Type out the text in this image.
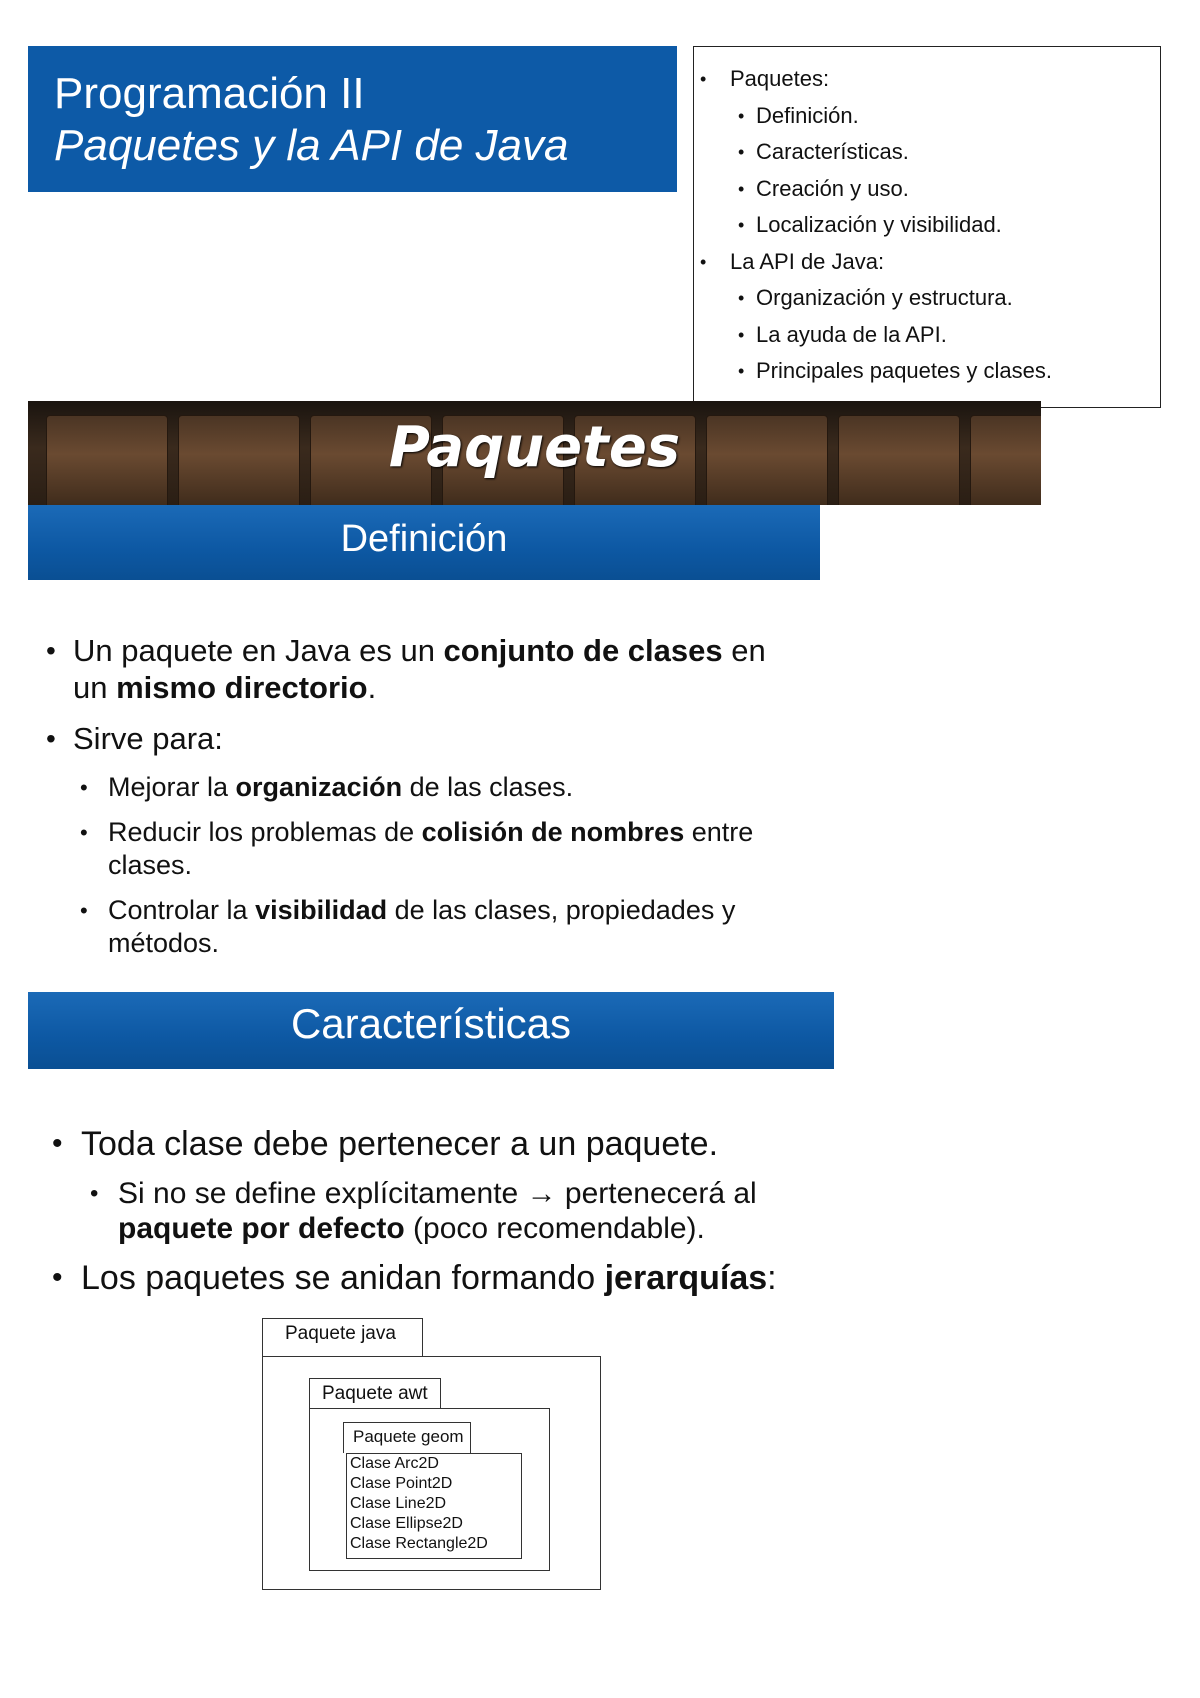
Programación II
Paquetes y la API de Java
• Paquetes:
• Definición.
• Características.
• Creación y uso.
• Localización y visibilidad.
• La API de Java:
• Organización y estructura.
• La ayuda de la API.
• Principales paquetes y clases.
Paquetes
Definición
• Un paquete en Java es un conjunto de clases en un mismo directorio.
• Sirve para:
• Mejorar la organización de las clases.
• Reducir los problemas de colisión de nombres entre clases.
• Controlar la visibilidad de las clases, propiedades y métodos.
Características
• Toda clase debe pertenecer a un paquete.
• Si no se define explícitamente → pertenecerá al paquete por defecto (poco recomendable).
• Los paquetes se anidan formando jerarquías:
Paquete java
Paquete awt
Paquete geom
Clase Arc2D
Clase Point2D
Clase Line2D
Clase Ellipse2D
Clase Rectangle2D
